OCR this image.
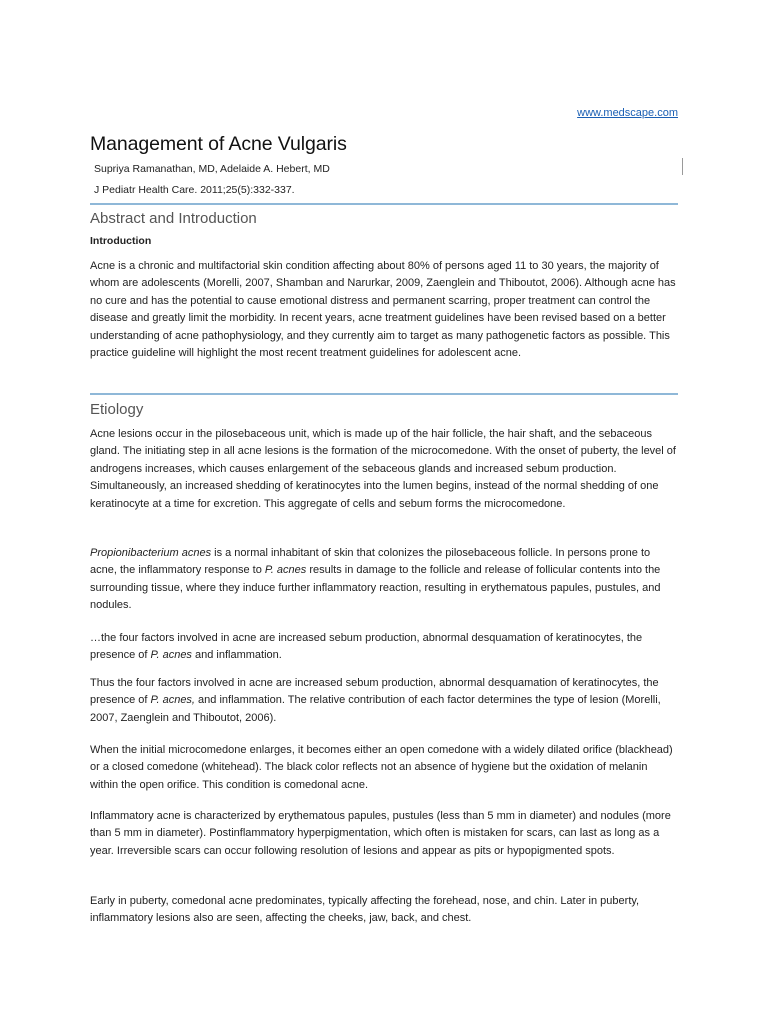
www.medscape.com
Management of Acne Vulgaris
Supriya Ramanathan, MD, Adelaide A. Hebert, MD
J Pediatr Health Care. 2011;25(5):332-337.
Abstract and Introduction
Introduction

Acne is a chronic and multifactorial skin condition affecting about 80% of persons aged 11 to 30 years, the majority of whom are adolescents (Morelli, 2007, Shamban and Narurkar, 2009, Zaenglein and Thiboutot, 2006). Although acne has no cure and has the potential to cause emotional distress and permanent scarring, proper treatment can control the disease and greatly limit the morbidity. In recent years, acne treatment guidelines have been revised based on a better understanding of acne pathophysiology, and they currently aim to target as many pathogenetic factors as possible. This practice guideline will highlight the most recent treatment guidelines for adolescent acne.

Etiology

Acne lesions occur in the pilosebaceous unit, which is made up of the hair follicle, the hair shaft, and the sebaceous gland. The initiating step in all acne lesions is the formation of the microcomedone. With the onset of puberty, the level of androgens increases, which causes enlargement of the sebaceous glands and increased sebum production. Simultaneously, an increased shedding of keratinocytes into the lumen begins, instead of the normal shedding of one keratinocyte at a time for excretion. This aggregate of cells and sebum forms the microcomedone.

Propionibacterium acnes is a normal inhabitant of skin that colonizes the pilosebaceous follicle. In persons prone to acne, the inflammatory response to P. acnes results in damage to the follicle and release of follicular contents into the surrounding tissue, where they induce further inflammatory reaction, resulting in erythematous papules, pustules, and nodules.

…the four factors involved in acne are increased sebum production, abnormal desquamation of keratinocytes, the presence of P. acnes and inflammation.

Thus the four factors involved in acne are increased sebum production, abnormal desquamation of keratinocytes, the presence of P. acnes, and inflammation. The relative contribution of each factor determines the type of lesion (Morelli, 2007, Zaenglein and Thiboutot, 2006).

When the initial microcomedone enlarges, it becomes either an open comedone with a widely dilated orifice (blackhead) or a closed comedone (whitehead). The black color reflects not an absence of hygiene but the oxidation of melanin within the open orifice. This condition is comedonal acne.

Inflammatory acne is characterized by erythematous papules, pustules (less than 5 mm in diameter) and nodules (more than 5 mm in diameter). Postinflammatory hyperpigmentation, which often is mistaken for scars, can last as long as a year. Irreversible scars can occur following resolution of lesions and appear as pits or hypopigmented spots.

Early in puberty, comedonal acne predominates, typically affecting the forehead, nose, and chin. Later in puberty, inflammatory lesions also are seen, affecting the cheeks, jaw, back, and chest.
